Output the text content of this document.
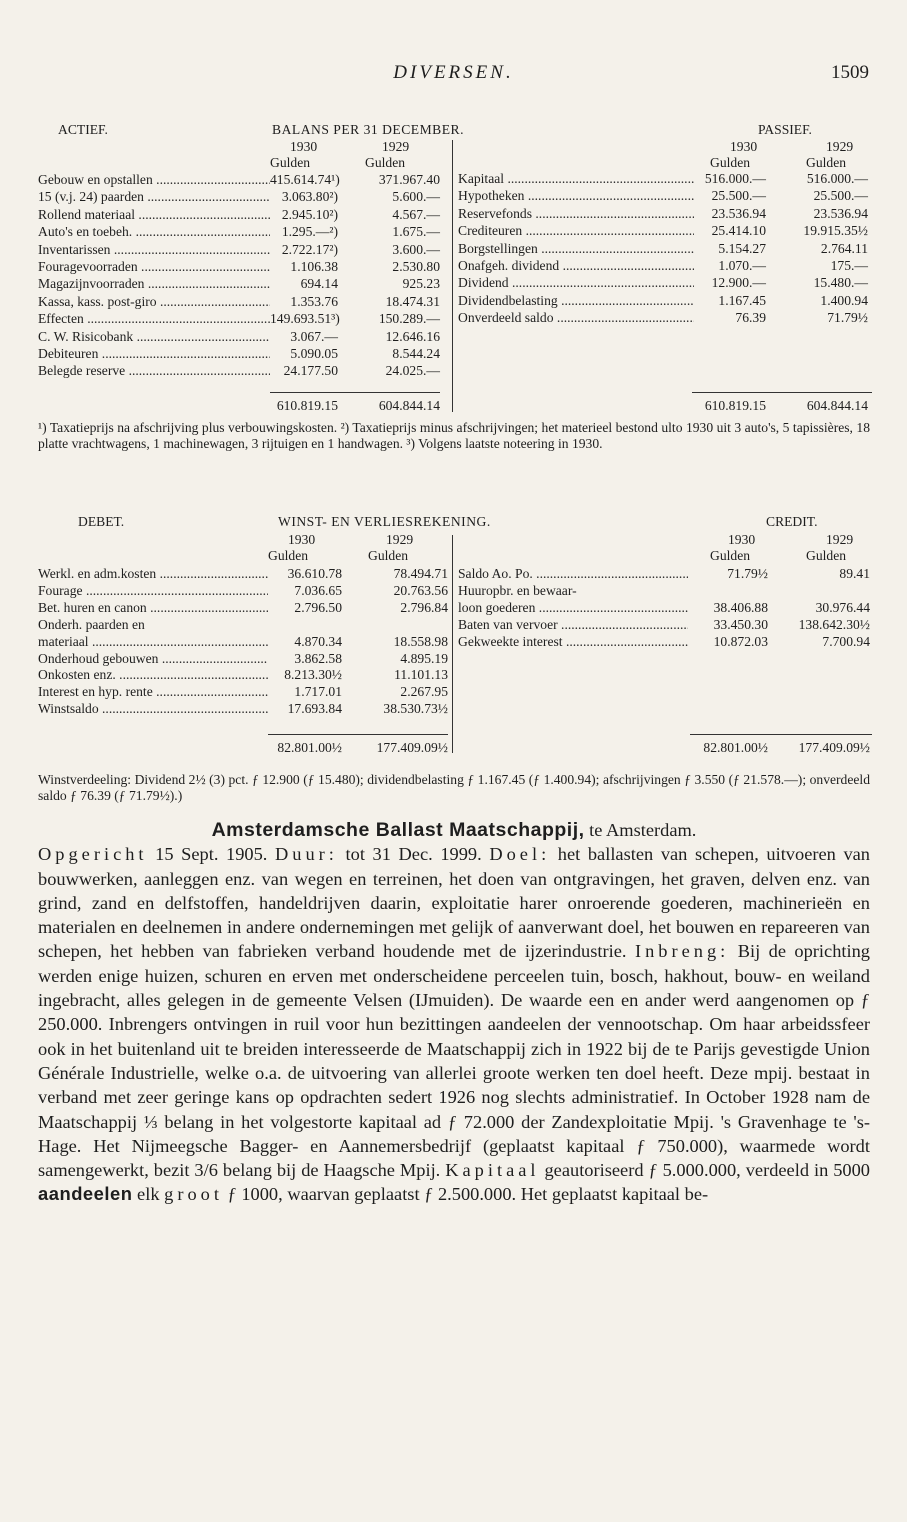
DIVERSEN.	1509
ACTIEF.	BALANS PER 31 DECEMBER.	PASSIEF.
1930	1929
Gulden	Gulden
1930	1929
Gulden	Gulden
Gebouw en opstallen .....	415.614.74¹)	371.967.40
15 (v.j. 24) paarden .....	3.063.80²)	5.600.—
Rollend materiaal .....	2.945.10²)	4.567.—
Auto's en toebeh. .....	1.295.—²)	1.675.—
Inventarissen .....	2.722.17²)	3.600.—
Fouragevoorraden .....	1.106.38	2.530.80
Magazijnvoorraden .....	694.14	925.23
Kassa, kass. post-giro .....	1.353.76	18.474.31
Effecten .....	149.693.51³)	150.289.—
C. W. Risicobank .....	3.067.—	12.646.16
Debiteuren .....	5.090.05	8.544.24
Belegde reserve .....	24.177.50	24.025.—
Kapitaal .....	516.000.—	516.000.—
Hypotheken .....	25.500.—	25.500.—
Reservefonds .....	23.536.94	23.536.94
Crediteuren .....	25.414.10	19.915.35½
Borgstellingen .....	5.154.27	2.764.11
Onafgeh. dividend .....	1.070.—	175.—
Dividend .....	12.900.—	15.480.—
Dividendbelasting .....	1.167.45	1.400.94
Onverdeeld saldo .....	76.39	71.79½
610.819.15	604.844.14	610.819.15	604.844.14
¹) Taxatieprijs na afschrijving plus verbouwingskosten. ²) Taxatieprijs minus afschrijvingen; het materieel bestond ulto 1930 uit 3 auto's, 5 tapissières, 18 platte vrachtwagens, 1 machinewagen, 3 rijtuigen en 1 handwagen. ³) Volgens laatste noteering in 1930.
DEBET.	WINST- EN VERLIESREKENING.	CREDIT.
1930	1929
Gulden	Gulden
1930	1929
Gulden	Gulden
Werkl. en adm.kosten .....	36.610.78	78.494.71
Fourage .....	7.036.65	20.763.56
Bet. huren en canon .....	2.796.50	2.796.84
Onderh. paarden en
materiaal .....	4.870.34	18.558.98
Onderhoud gebouwen .....	3.862.58	4.895.19
Onkosten enz. .....	8.213.30½	11.101.13
Interest en hyp. rente .....	1.717.01	2.267.95
Winstsaldo .....	17.693.84	38.530.73½
Saldo Ao. Po. .....	71.79½	89.41
Huuropbr. en bewaar-
loon goederen .....	38.406.88	30.976.44
Baten van vervoer .....	33.450.30	138.642.30½
Gekweekte interest .....	10.872.03	7.700.94
82.801.00½	177.409.09½	82.801.00½	177.409.09½
Winstverdeeling: Dividend 2½ (3) pct. ƒ 12.900 (ƒ 15.480); dividendbelasting ƒ 1.167.45 (ƒ 1.400.94); afschrijvingen ƒ 3.550 (ƒ 21.578.—); onverdeeld saldo ƒ 76.39 (ƒ 71.79½).)

Amsterdamsche Ballast Maatschappij, te Amsterdam.

Opgericht 15 Sept. 1905. Duur: tot 31 Dec. 1999. Doel: het ballasten van schepen, uitvoeren van bouwwerken, aanleggen enz. van wegen en terreinen, het doen van ontgravingen, het graven, delven enz. van grind, zand en delfstoffen, handeldrijven daarin, exploitatie harer onroerende goederen, machinerieën en materialen en deelnemen in andere ondernemingen met gelijk of aanverwant doel, het bouwen en repareeren van schepen, het hebben van fabrieken verband houdende met de ijzerindustrie. Inbreng: Bij de oprichting werden enige huizen, schuren en erven met onderscheidene perceelen tuin, bosch, hakhout, bouw- en weiland ingebracht, alles gelegen in de gemeente Velsen (IJmuiden). De waarde een en ander werd aangenomen op ƒ 250.000. Inbrengers ontvingen in ruil voor hun bezittingen aandeelen der vennootschap. Om haar arbeidssfeer ook in het buitenland uit te breiden interesseerde de Maatschappij zich in 1922 bij de te Parijs gevestigde Union Générale Industrielle, welke o.a. de uitvoering van allerlei groote werken ten doel heeft. Deze mpij. bestaat in verband met zeer geringe kans op opdrachten sedert 1926 nog slechts administratief. In October 1928 nam de Maatschappij ⅓ belang in het volgestorte kapitaal ad ƒ 72.000 der Zandexploitatie Mpij. 's Gravenhage te 's-Hage. Het Nijmeegsche Bagger- en Aannemersbedrijf (geplaatst kapitaal ƒ 750.000), waarmede wordt samengewerkt, bezit 3/6 belang bij de Haagsche Mpij. Kapitaal geautoriseerd ƒ 5.000.000, verdeeld in 5000 aandeelen elk groot ƒ 1000, waarvan geplaatst ƒ 2.500.000. Het geplaatst kapitaal be-
